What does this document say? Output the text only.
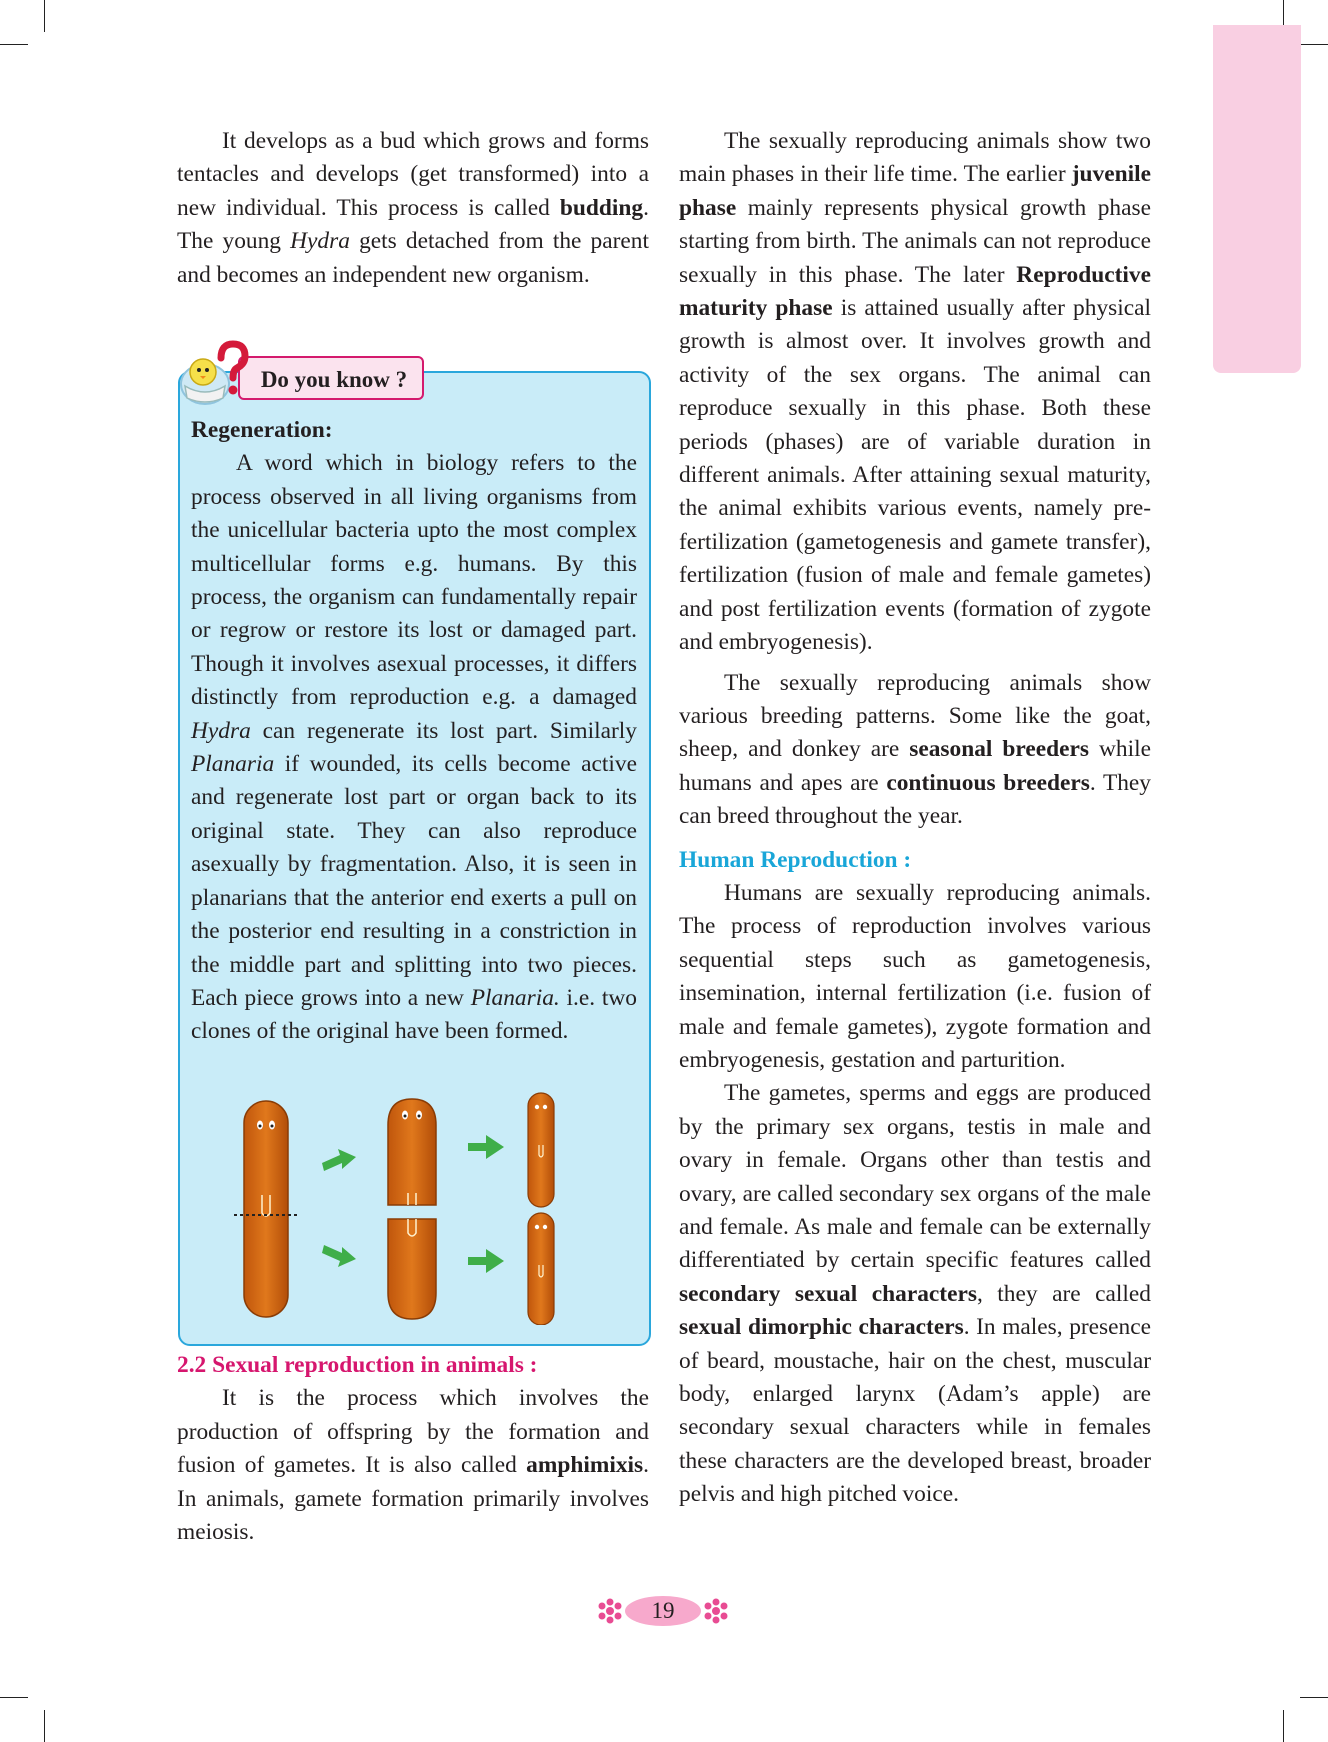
It develops as a bud which grows and forms tentacles and develops (get transformed) into a new individual. This process is called budding. The young Hydra gets detached from the parent and becomes an independent new organism.

Do you know ?

Regeneration:

A word which in biology refers to the process observed in all living organisms from the unicellular bacteria upto the most complex multicellular forms e.g. humans. By this process, the organism can fundamentally repair or regrow or restore its lost or damaged part. Though it involves asexual processes, it differs distinctly from reproduction e.g. a damaged Hydra can regenerate its lost part. Similarly Planaria if wounded, its cells become active and regenerate lost part or organ back to its original state. They can also reproduce asexually by fragmentation. Also, it is seen in planarians that the anterior end exerts a pull on the posterior end resulting in a constriction in the middle part and splitting into two pieces. Each piece grows into a new Planaria. i.e. two clones of the original have been formed.

2.2 Sexual reproduction in animals :

It is the process which involves the production of offspring by the formation and fusion of gametes. It is also called amphimixis. In animals, gamete formation primarily involves meiosis.

The sexually reproducing animals show two main phases in their life time. The earlier juvenile phase mainly represents physical growth phase starting from birth. The animals can not reproduce sexually in this phase. The later Reproductive maturity phase is attained usually after physical growth is almost over. It involves growth and activity of the sex organs. The animal can reproduce sexually in this phase. Both these periods (phases) are of variable duration in different animals. After attaining sexual maturity, the animal exhibits various events, namely pre-fertilization (gametogenesis and gamete transfer), fertilization (fusion of male and female gametes) and post fertilization events (formation of zygote and embryogenesis).

The sexually reproducing animals show various breeding patterns. Some like the goat, sheep, and donkey are seasonal breeders while humans and apes are continuous breeders. They can breed throughout the year.

Human Reproduction :

Humans are sexually reproducing animals. The process of reproduction involves various sequential steps such as gametogenesis, insemination, internal fertilization (i.e. fusion of male and female gametes), zygote formation and embryogenesis, gestation and parturition.

The gametes, sperms and eggs are produced by the primary sex organs, testis in male and ovary in female. Organs other than testis and ovary, are called secondary sex organs of the male and female. As male and female can be externally differentiated by certain specific features called secondary sexual characters, they are called sexual dimorphic characters. In males, presence of beard, moustache, hair on the chest, muscular body, enlarged larynx (Adam’s apple) are secondary sexual characters while in females these characters are the developed breast, broader pelvis and high pitched voice.

19
